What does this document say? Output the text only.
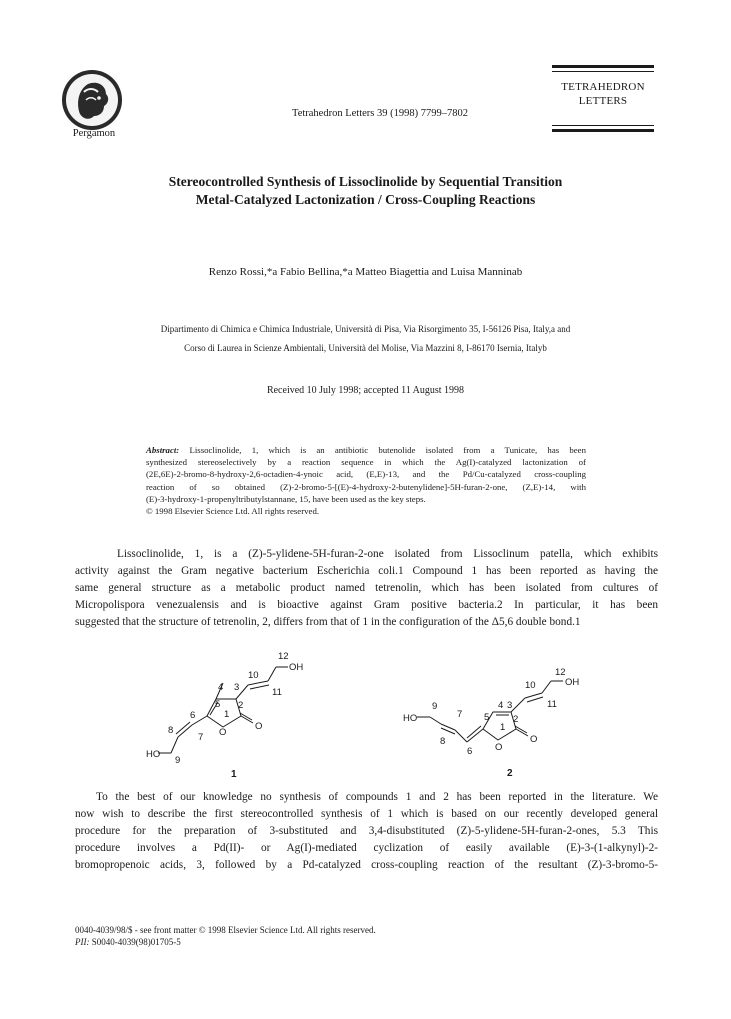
Pergamon
Tetrahedron Letters 39 (1998) 7799–7802
TETRAHEDRON
LETTERS
Stereocontrolled Synthesis of Lissoclinolide by Sequential Transition
Metal-Catalyzed Lactonization / Cross-Coupling Reactions
Renzo Rossi,*a Fabio Bellina,*a Matteo Biagettia and Luisa Manninab
Dipartimento di Chimica e Chimica Industriale, Università di Pisa, Via Risorgimento 35, I-56126 Pisa, Italy,a and
Corso di Laurea in Scienze Ambientali, Università del Molise, Via Mazzini 8, I-86170 Isernia, Italyb
Received 10 July 1998; accepted 11 August 1998

Abstract: Lissoclinolide, 1, which is an antibiotic butenolide isolated from a Tunicate, has been

synthesized stereoselectively by a reaction sequence in which the Ag(I)-catalyzed lactonization of

(2E,6E)-2-bromo-8-hydroxy-2,6-octadien-4-ynoic acid, (E,E)-13, and the Pd/Cu-catalyzed cross-coupling

reaction of so obtained (Z)-2-bromo-5-[(E)-4-hydroxy-2-butenylidene]-5H-furan-2-one, (Z,E)-14, with

(E)-3-hydroxy-1-propenyltributylstannane, 15, have been used as the key steps.

© 1998 Elsevier Science Ltd. All rights reserved.

Lissoclinolide, 1, is a (Z)-5-ylidene-5H-furan-2-one isolated from Lissoclinum patella, which exhibits

activity against the Gram negative bacterium Escherichia coli.1 Compound 1 has been reported as having the

same general structure as a metabolic product named tetrenolin, which has been isolated from cultures of

Micropolispora venezualensis and is bioactive against Gram positive bacteria.2 In particular, it has been

suggested that the structure of tetrenolin, 2, differs from that of 1 in the configuration of the Δ5,6 double bond.1

12
10
OH
11
4 3
5 2
1
O
O
6
8
7
HO
9
1
12
10	OH
11
4 3
9
7 5
1
2
O
O
HO
8
6
2

To the best of our knowledge no synthesis of compounds 1 and 2 has been reported in the literature. We

now wish to describe the first stereocontrolled synthesis of 1 which is based on our recently developed general

procedure for the preparation of 3-substituted and 3,4-disubstituted (Z)-5-ylidene-5H-furan-2-ones, 5.3 This

procedure involves a Pd(II)- or Ag(I)-mediated cyclization of easily available (E)-3-(1-alkynyl)-2-

bromopropenoic acids, 3, followed by a Pd-catalyzed cross-coupling reaction of the resultant (Z)-3-bromo-5-

0040-4039/98/$ - see front matter © 1998 Elsevier Science Ltd. All rights reserved.
PII: S0040-4039(98)01705-5
